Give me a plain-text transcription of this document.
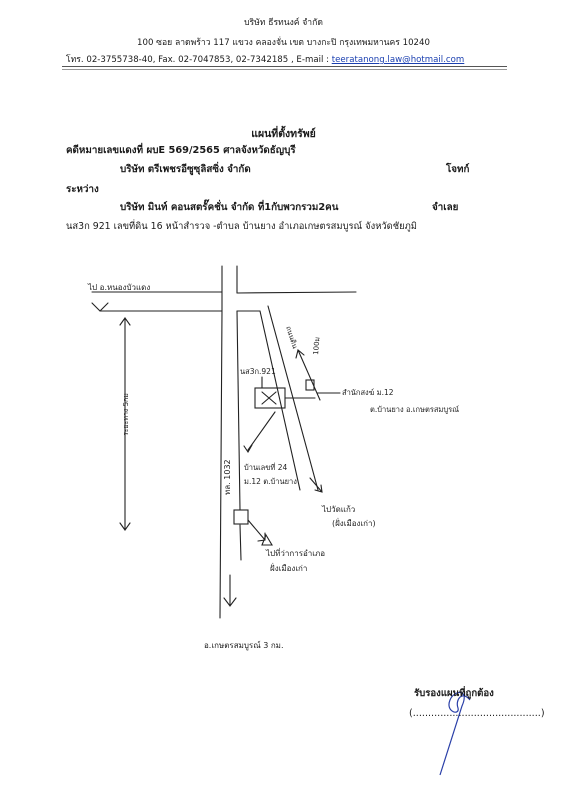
บริษัท ธีรทนงค์ จำกัด
100 ซอย ลาดพร้าว 117 แขวง คลองจั่น เขต บางกะปิ กรุงเทพมหานคร 10240
โทร. 02-3755738-40, Fax. 02-7047853, 02-7342185 , E-mail : teeratanong.law@hotmail.com
แผนที่ตั้งทรัพย์
คดีหมายเลขแดงที่ ผบE 569/2565 ศาลจังหวัดธัญบุรี
บริษัท ตรีเพชรอีซูซุลิสซิ่ง จำกัด	โจทก์
ระหว่าง
บริษัท มินท์ คอนสตรั๊คชั่น จำกัด ที่1กับพวกรวม2คน	จำเลย
นส3ก 921 เลขที่ดิน 16 หน้าสำรวจ -ตำบล บ้านยาง อำเภอเกษตรสมบูรณ์ จังหวัดชัยภูมิ
ไป อ.หนองบัวแดง
ระยะทาง 5กม
ทล. 1032
ถนนดิน 100ม
นส3ก.921
สำนักสงฆ์ ม.12
ต.บ้านยาง อ.เกษตรสมบูรณ์
บ้านเลขที่ 24
ม.12 ต.บ้านยาง
ไปวัดแก้ว
(ฝั่งเมืองเก่า)
ไปที่ว่าการอำเภอ
ฝั่งเมืองเก่า
อ.เกษตรสมบูรณ์ 3 กม.
รับรองแผนที่ถูกต้อง
(..........................................)
